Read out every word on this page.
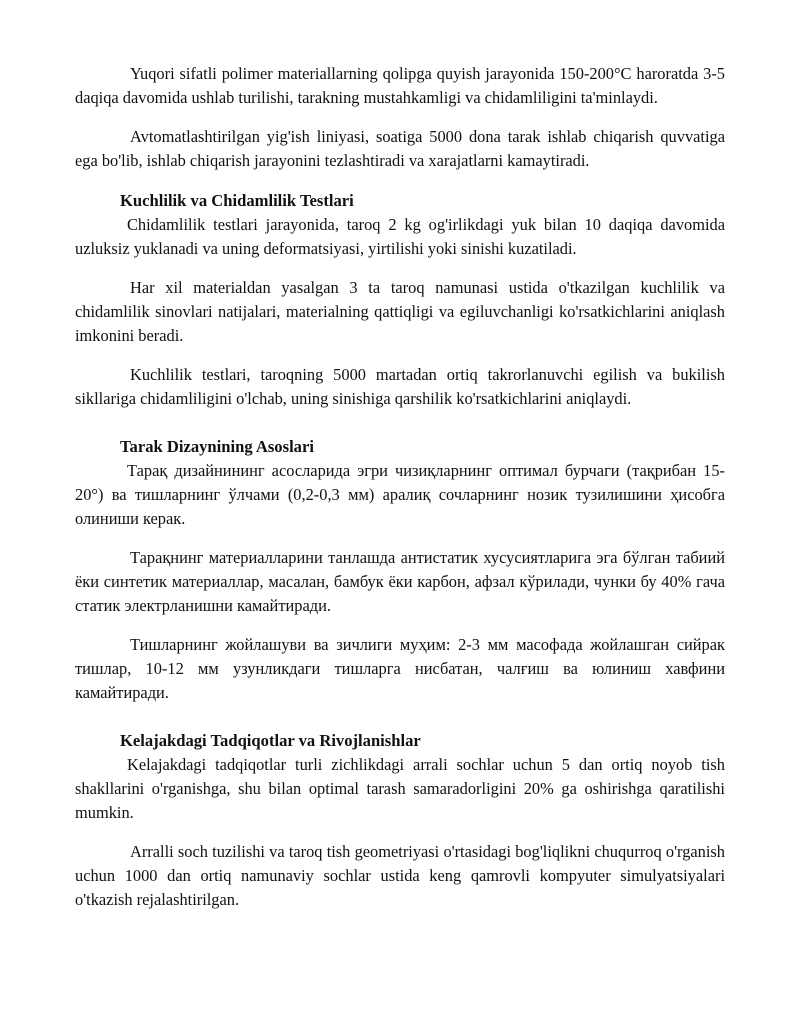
Yuqori sifatli polimer materiallarning qolipga quyish jarayonida 150-200°C haroratda 3-5 daqiqa davomida ushlab turilishi, tarakning mustahkamligi va chidamliligini ta'minlaydi.

Avtomatlashtirilgan yig'ish liniyasi, soatiga 5000 dona tarak ishlab chiqarish quvvatiga ega bo'lib, ishlab chiqarish jarayonini tezlashtiradi va xarajatlarni kamaytiradi.

Kuchlilik va Chidamlilik Testlari

Chidamlilik testlari jarayonida, taroq 2 kg og'irlikdagi yuk bilan 10 daqiqa davomida uzluksiz yuklanadi va uning deformatsiyasi, yirtilishi yoki sinishi kuzatiladi.

Har xil materialdan yasalgan 3 ta taroq namunasi ustida o'tkazilgan kuchlilik va chidamlilik sinovlari natijalari, materialning qattiqligi va egiluvchanligi ko'rsatkichlarini aniqlash imkonini beradi.

Kuchlilik testlari, taroqning 5000 martadan ortiq takrorlanuvchi egilish va bukilish sikllariga chidamliligini o'lchab, uning sinishiga qarshilik ko'rsatkichlarini aniqlaydi.

Tarak Dizaynining Asoslari

Тарақ дизайнининг асосларида эгри чизиқларнинг оптимал бурчаги (тақрибан 15-20°) ва тишларнинг ўлчами (0,2-0,3 мм) аралиқ сочларнинг нозик тузилишини ҳисобга олиниши керак.

Тарақнинг материалларини танлашда антистатик хусусиятларига эга бўлган табиий ёки синтетик материаллар, масалан, бамбук ёки карбон, афзал кўрилади, чунки бу 40% гача статик электрланишни камайтиради.

Тишларнинг жойлашуви ва зичлиги муҳим: 2-3 мм масофада жойлашган сийрак тишлар, 10-12 мм узунликдаги тишларга нисбатан, чалғиш ва юлиниш хавфини камайтиради.

Kelajakdagi Tadqiqotlar va Rivojlanishlar

Kelajakdagi tadqiqotlar turli zichlikdagi arralі sochlar uchun 5 dan ortiq noyob tish shakllarini o'rganishga, shu bilan optimal tarash samaradorligini 20% ga oshirishga qaratilishi mumkin.

Arralli soch tuzilishi va taroq tish geometriyasi o'rtasidagi bog'liqlikni chuqurroq o'rganish uchun 1000 dan ortiq namunaviy sochlar ustida keng qamrovli kompyuter simulyatsiyalari o'tkazish rejalashtirilgan.
